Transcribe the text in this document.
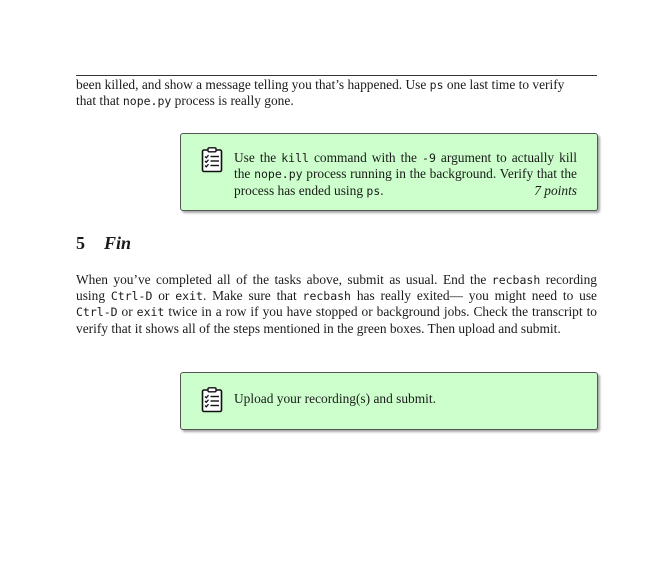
been killed, and show a message telling you that’s happened. Use ps one last time to verify
that that nope.py process is really gone.
Use the kill command with the -9 argument to actually kill the nope.py process running in the background. Verify that the process has ended using ps.	7 points
5 Fin
When you’ve completed all of the tasks above, submit as usual. End the recbash recording using Ctrl-D or exit. Make sure that recbash has really exited— you might need to use Ctrl-D or exit twice in a row if you have stopped or background jobs. Check the transcript to verify that it shows all of the steps mentioned in the green boxes. Then upload and submit.
Upload your recording(s) and submit.
